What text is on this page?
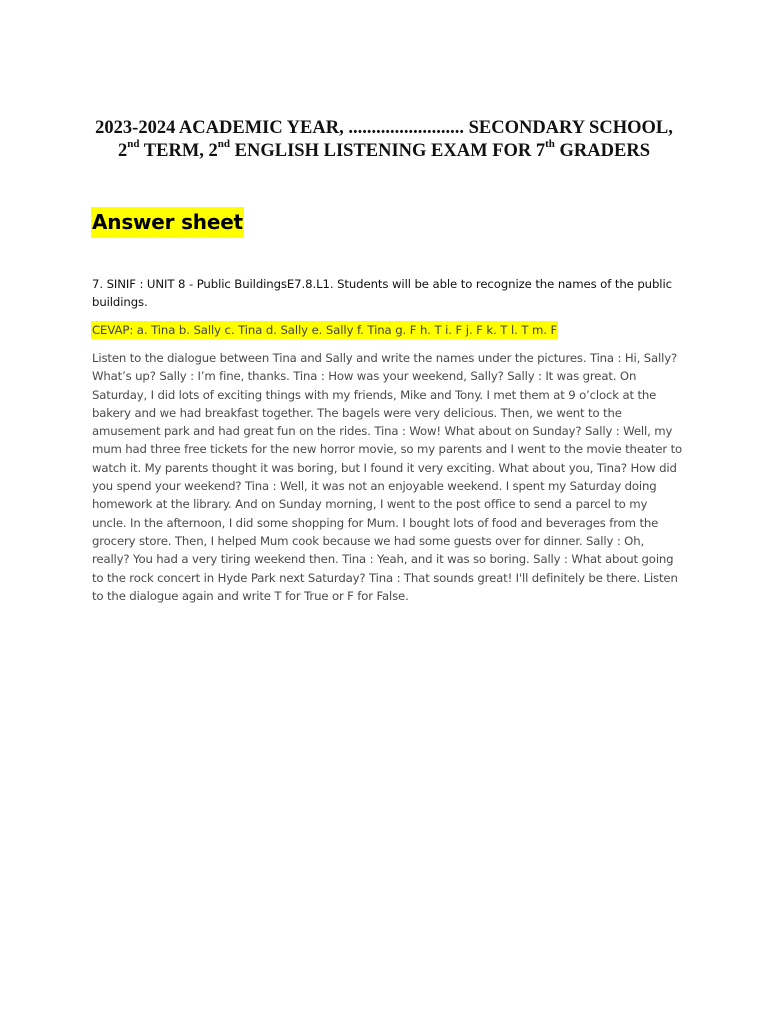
2023-2024 ACADEMIC YEAR, ......................... SECONDARY SCHOOL, 2nd TERM, 2nd ENGLISH LISTENING EXAM FOR 7th GRADERS
Answer sheet
7. SINIF : UNIT 8 - Public BuildingsE7.8.L1. Students will be able to recognize the names of the public buildings.
CEVAP: a. Tina b. Sally c. Tina d. Sally e. Sally f. Tina g. F h. T i. F j. F k. T l. T m. F
Listen to the dialogue between Tina and Sally and write the names under the pictures. Tina : Hi, Sally? What’s up? Sally : I’m fine, thanks. Tina : How was your weekend, Sally? Sally : It was great. On Saturday, I did lots of exciting things with my friends, Mike and Tony. I met them at 9 o’clock at the bakery and we had breakfast together. The bagels were very delicious. Then, we went to the amusement park and had great fun on the rides. Tina : Wow! What about on Sunday? Sally : Well, my mum had three free tickets for the new horror movie, so my parents and I went to the movie theater to watch it. My parents thought it was boring, but I found it very exciting. What about you, Tina? How did you spend your weekend? Tina : Well, it was not an enjoyable weekend. I spent my Saturday doing homework at the library. And on Sunday morning, I went to the post office to send a parcel to my uncle. In the afternoon, I did some shopping for Mum. I bought lots of food and beverages from the grocery store. Then, I helped Mum cook because we had some guests over for dinner. Sally : Oh, really? You had a very tiring weekend then. Tina : Yeah, and it was so boring. Sally : What about going to the rock concert in Hyde Park next Saturday? Tina : That sounds great! I'll definitely be there. Listen to the dialogue again and write T for True or F for False.
